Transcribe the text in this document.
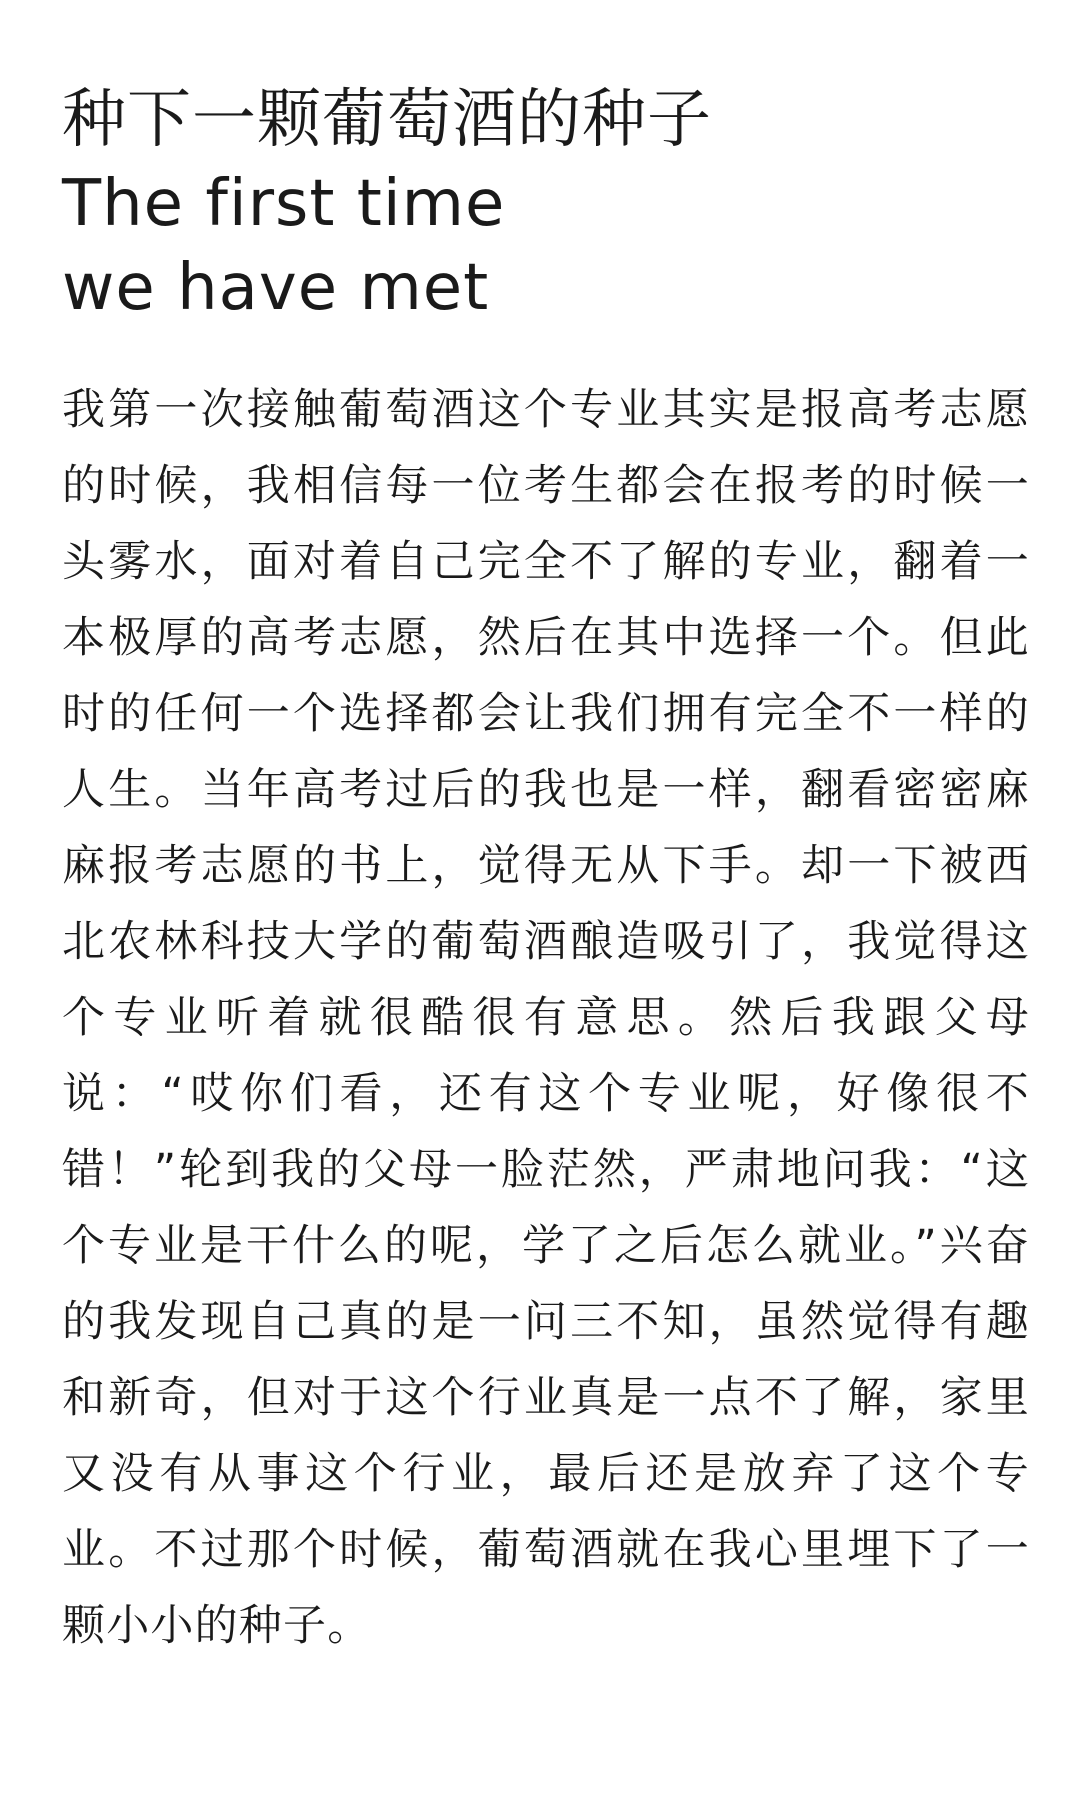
种下一颗葡萄酒的种子
The first time
we have met

我第一次接触葡萄酒这个专业其实是报高考志愿的时候，我相信每一位考生都会在报考的时候一头雾水，面对着自己完全不了解的专业，翻着一本极厚的高考志愿，然后在其中选择一个。但此时的任何一个选择都会让我们拥有完全不一样的人生。当年高考过后的我也是一样，翻看密密麻麻报考志愿的书上，觉得无从下手。却一下被西北农林科技大学的葡萄酒酿造吸引了，我觉得这个专业听着就很酷很有意思。然后我跟父母说：“哎你们看，还有这个专业呢，好像很不错！”轮到我的父母一脸茫然，严肃地问我：“这个专业是干什么的呢，学了之后怎么就业。”兴奋的我发现自己真的是一问三不知，虽然觉得有趣和新奇，但对于这个行业真是一点不了解，家里又没有从事这个行业，最后还是放弃了这个专业。不过那个时候，葡萄酒就在我心里埋下了一颗小小的种子。
